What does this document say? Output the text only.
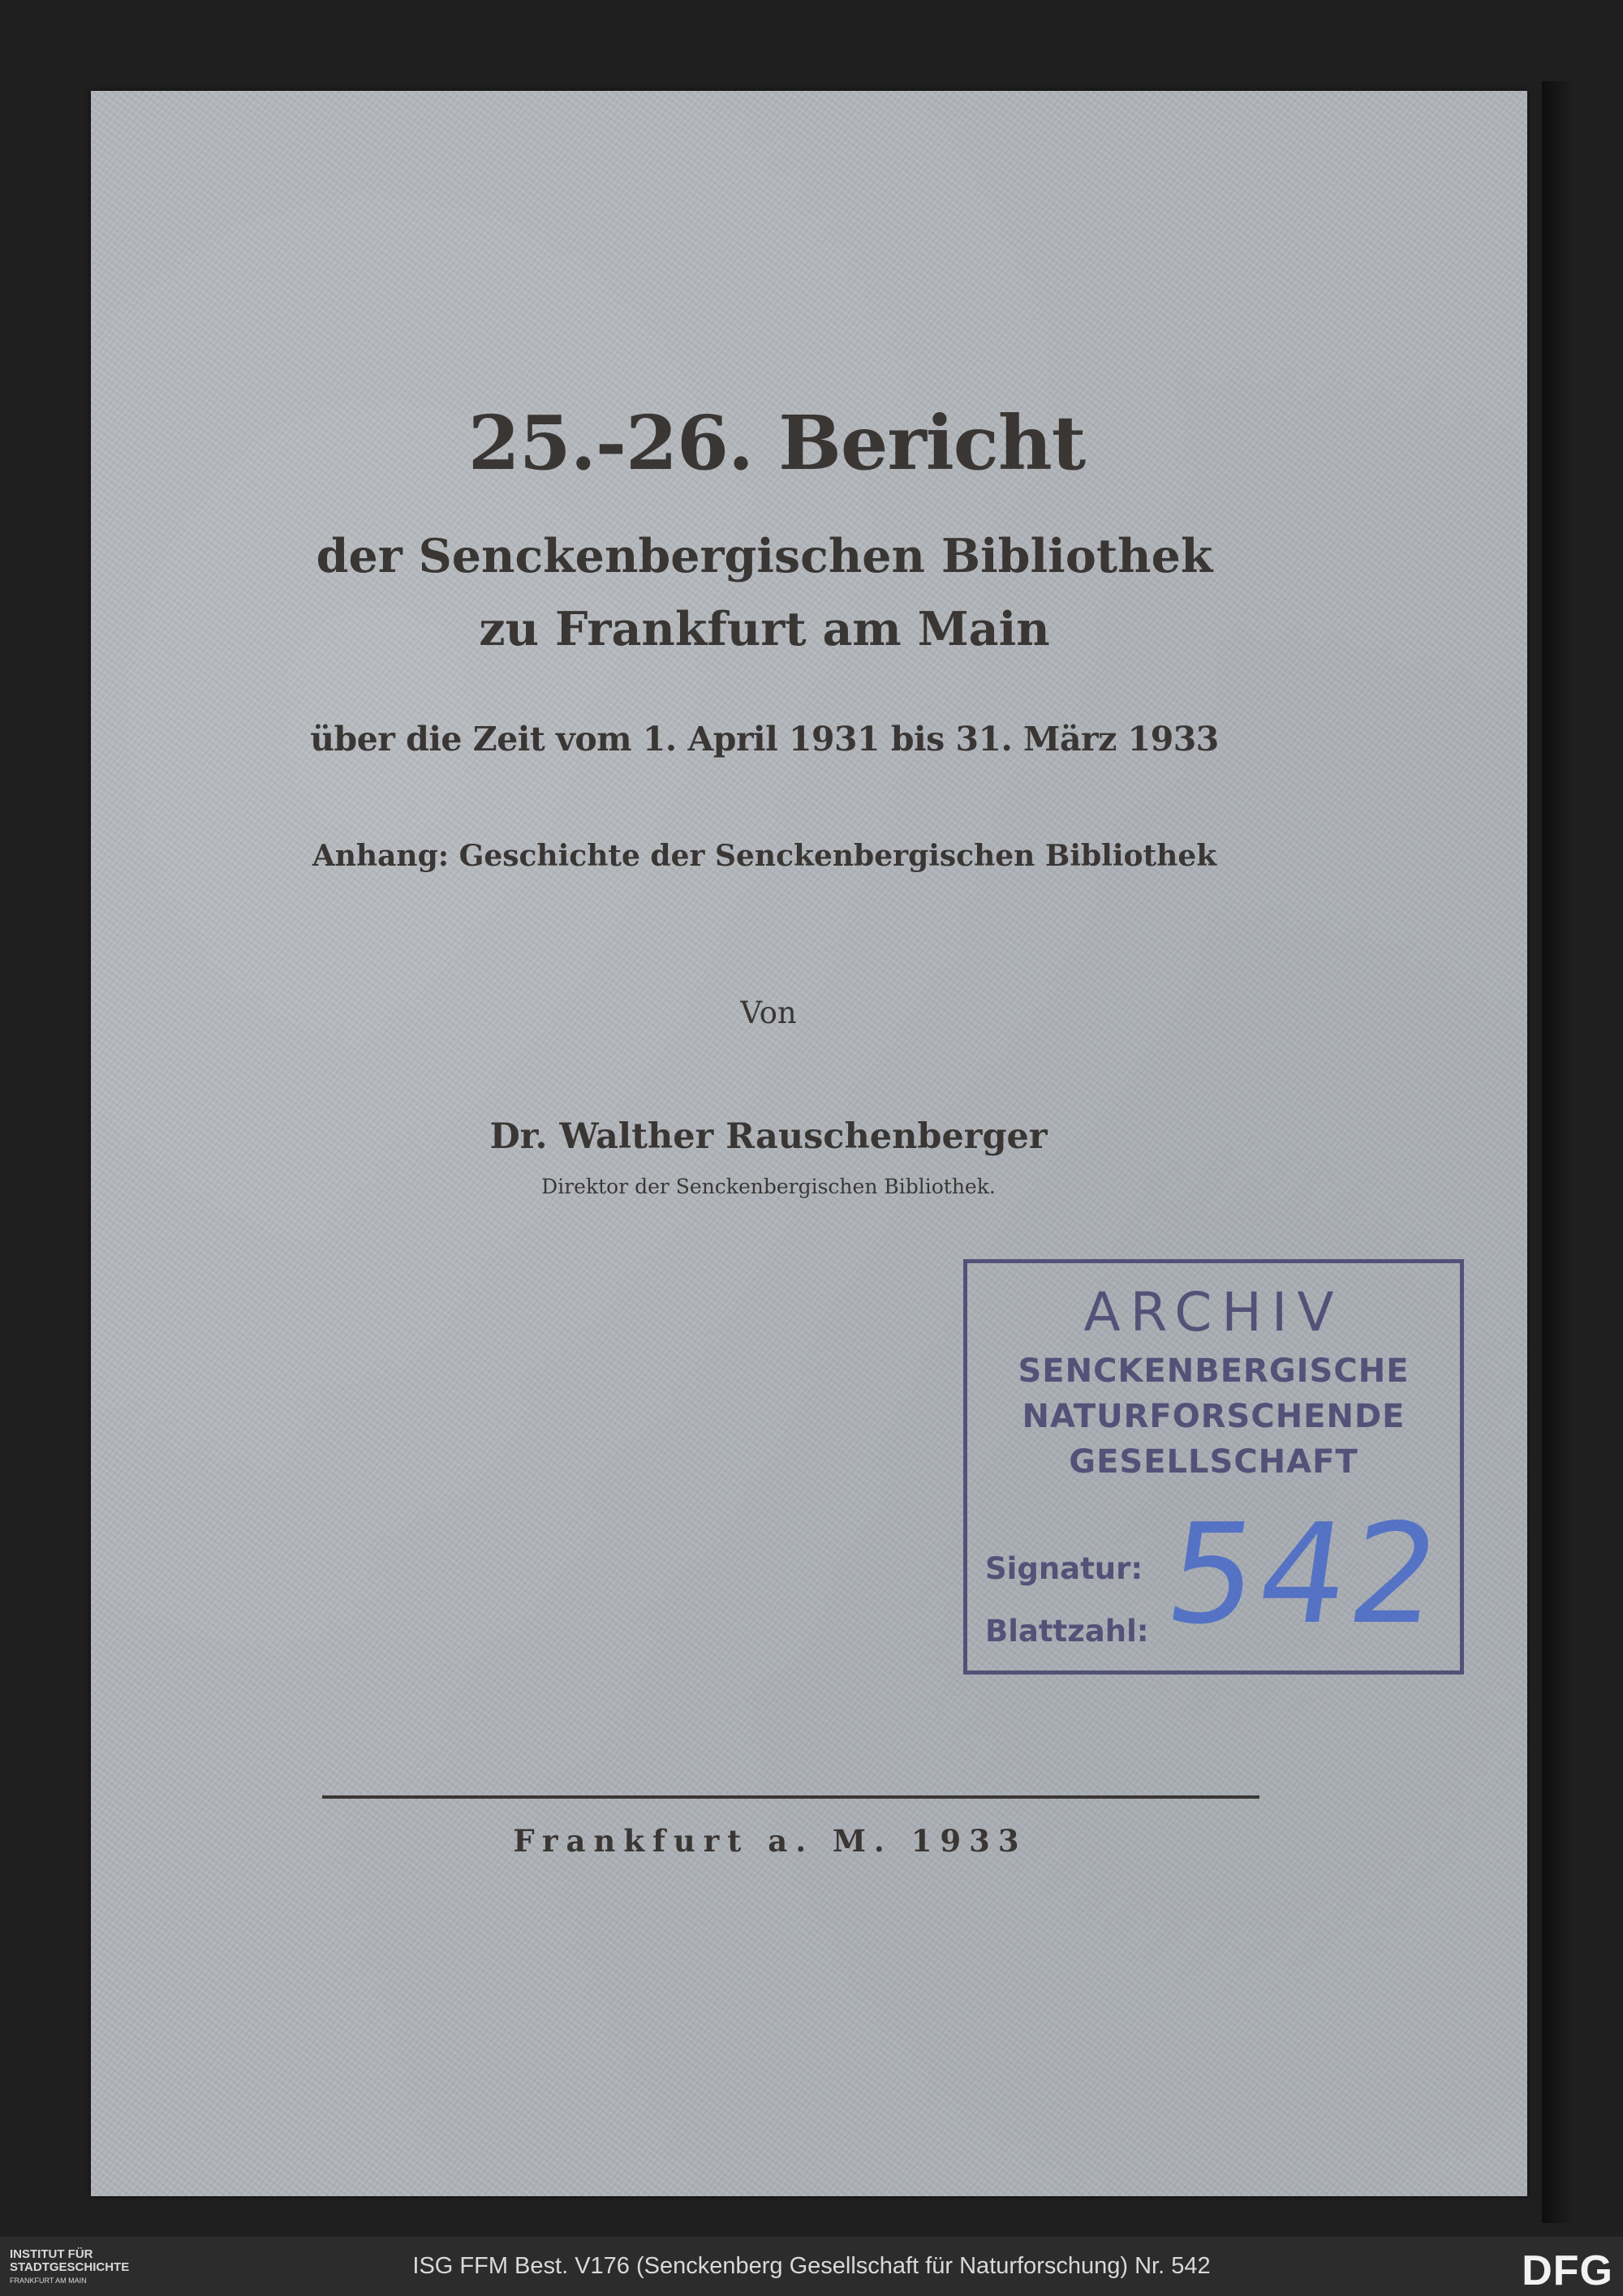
25.-26. Bericht
der Senckenbergischen Bibliothek
zu Frankfurt am Main
über die Zeit vom 1. April 1931 bis 31. März 1933
Anhang: Geschichte der Senckenbergischen Bibliothek
Von
Dr. Walther Rauschenberger
Direktor der Senckenbergischen Bibliothek.
ARCHIV
SENCKENBERGISCHE
NATURFORSCHENDE
GESELLSCHAFT
Signatur:
Blattzahl: 542
Frankfurt a. M. 1933
INSTITUT FÜR
STADTGESCHICHTE
FRANKFURT AM MAIN
ISG FFM Best. V176 (Senckenberg Gesellschaft für Naturforschung) Nr. 542	DFG
